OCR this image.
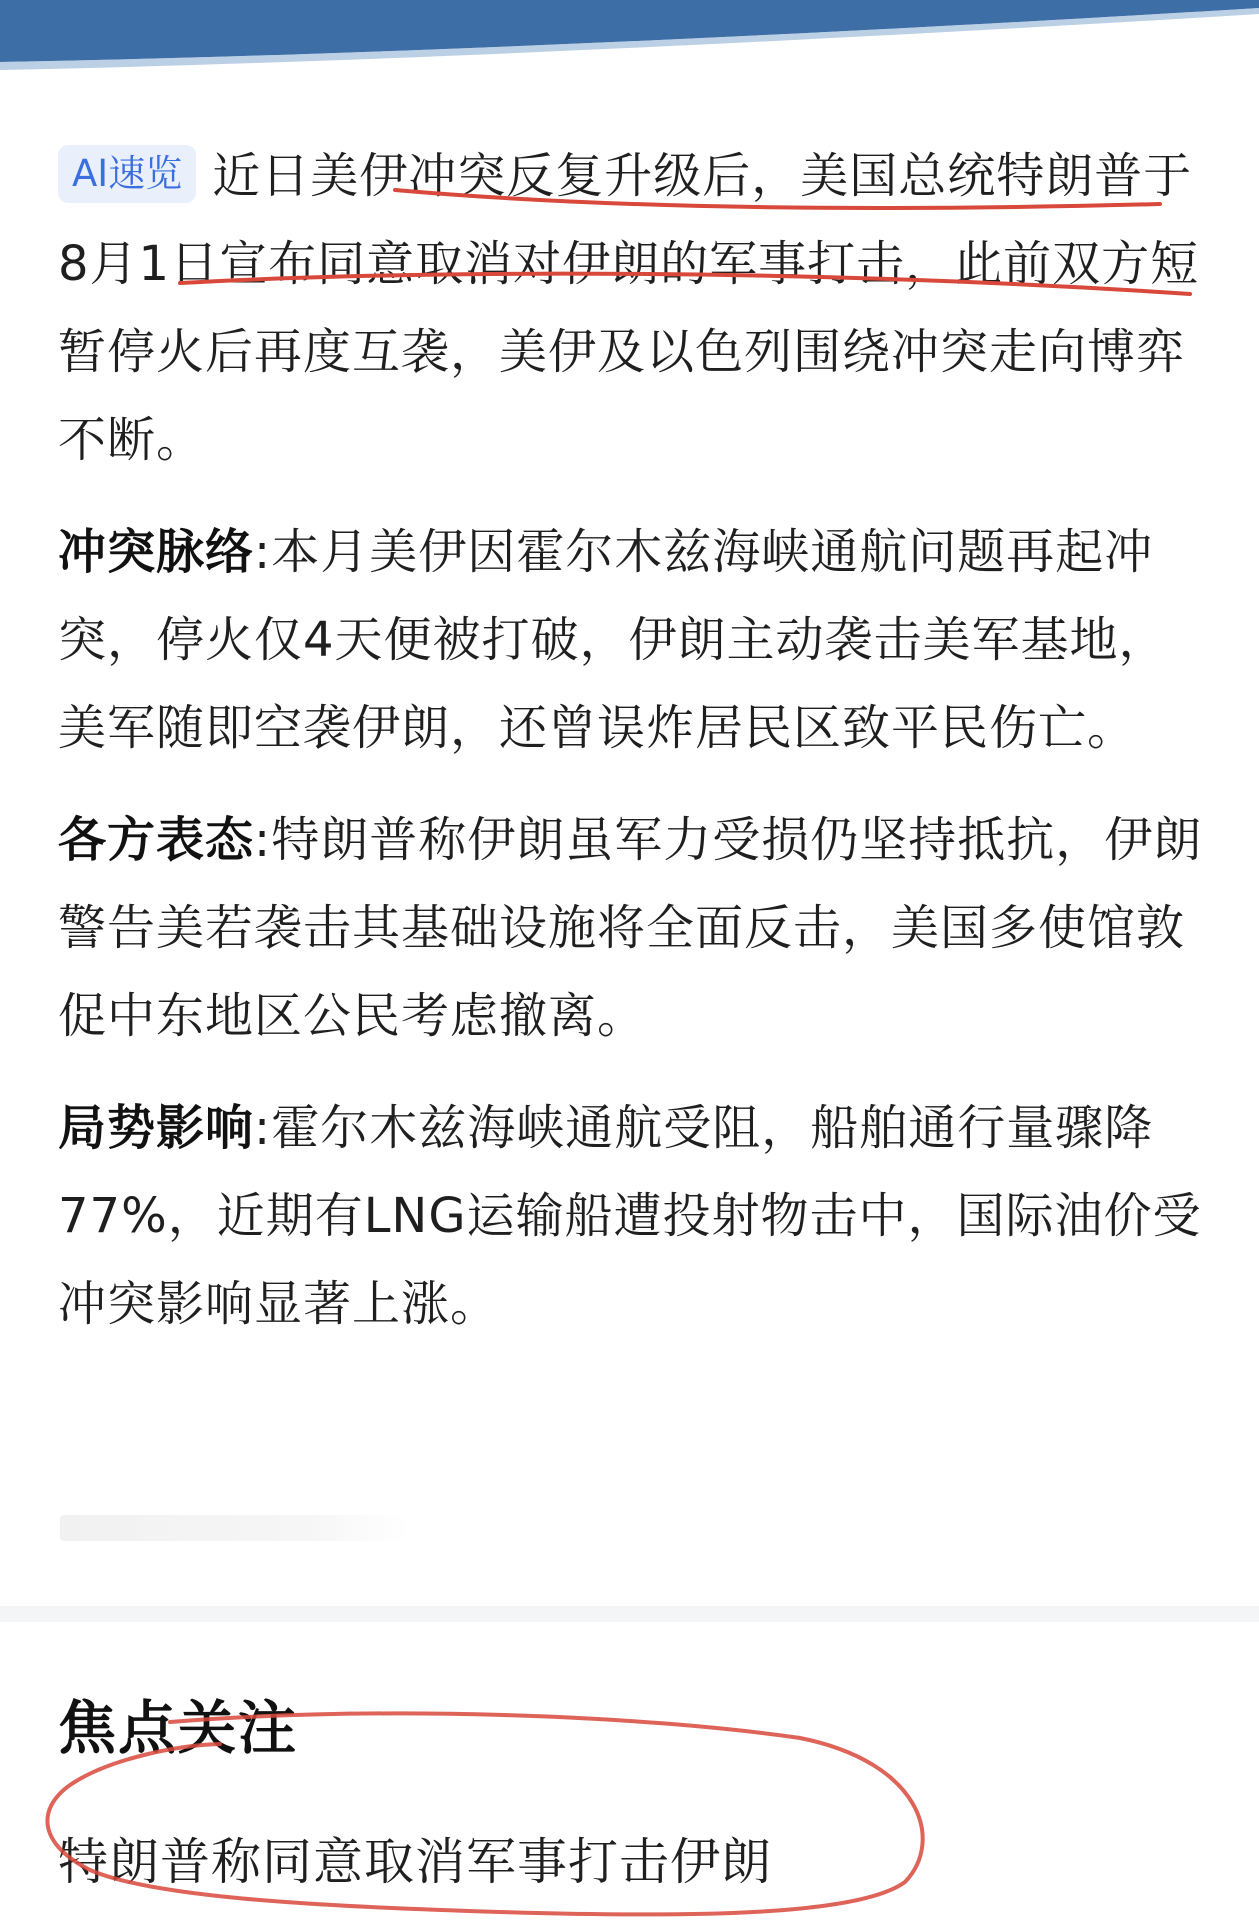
AI速览 近日美伊冲突反复升级后，美国总统特朗普于8月1日宣布同意取消对伊朗的军事打击，此前双方短暂停火后再度互袭，美伊及以色列围绕冲突走向博弈不断。

冲突脉络:本月美伊因霍尔木兹海峡通航问题再起冲突，停火仅4天便被打破，伊朗主动袭击美军基地，美军随即空袭伊朗，还曾误炸居民区致平民伤亡。

各方表态:特朗普称伊朗虽军力受损仍坚持抵抗，伊朗警告美若袭击其基础设施将全面反击，美国多使馆敦促中东地区公民考虑撤离。

局势影响:霍尔木兹海峡通航受阻，船舶通行量骤降77%，近期有LNG运输船遭投射物击中，国际油价受冲突影响显著上涨。

焦点关注

特朗普称同意取消军事打击伊朗
